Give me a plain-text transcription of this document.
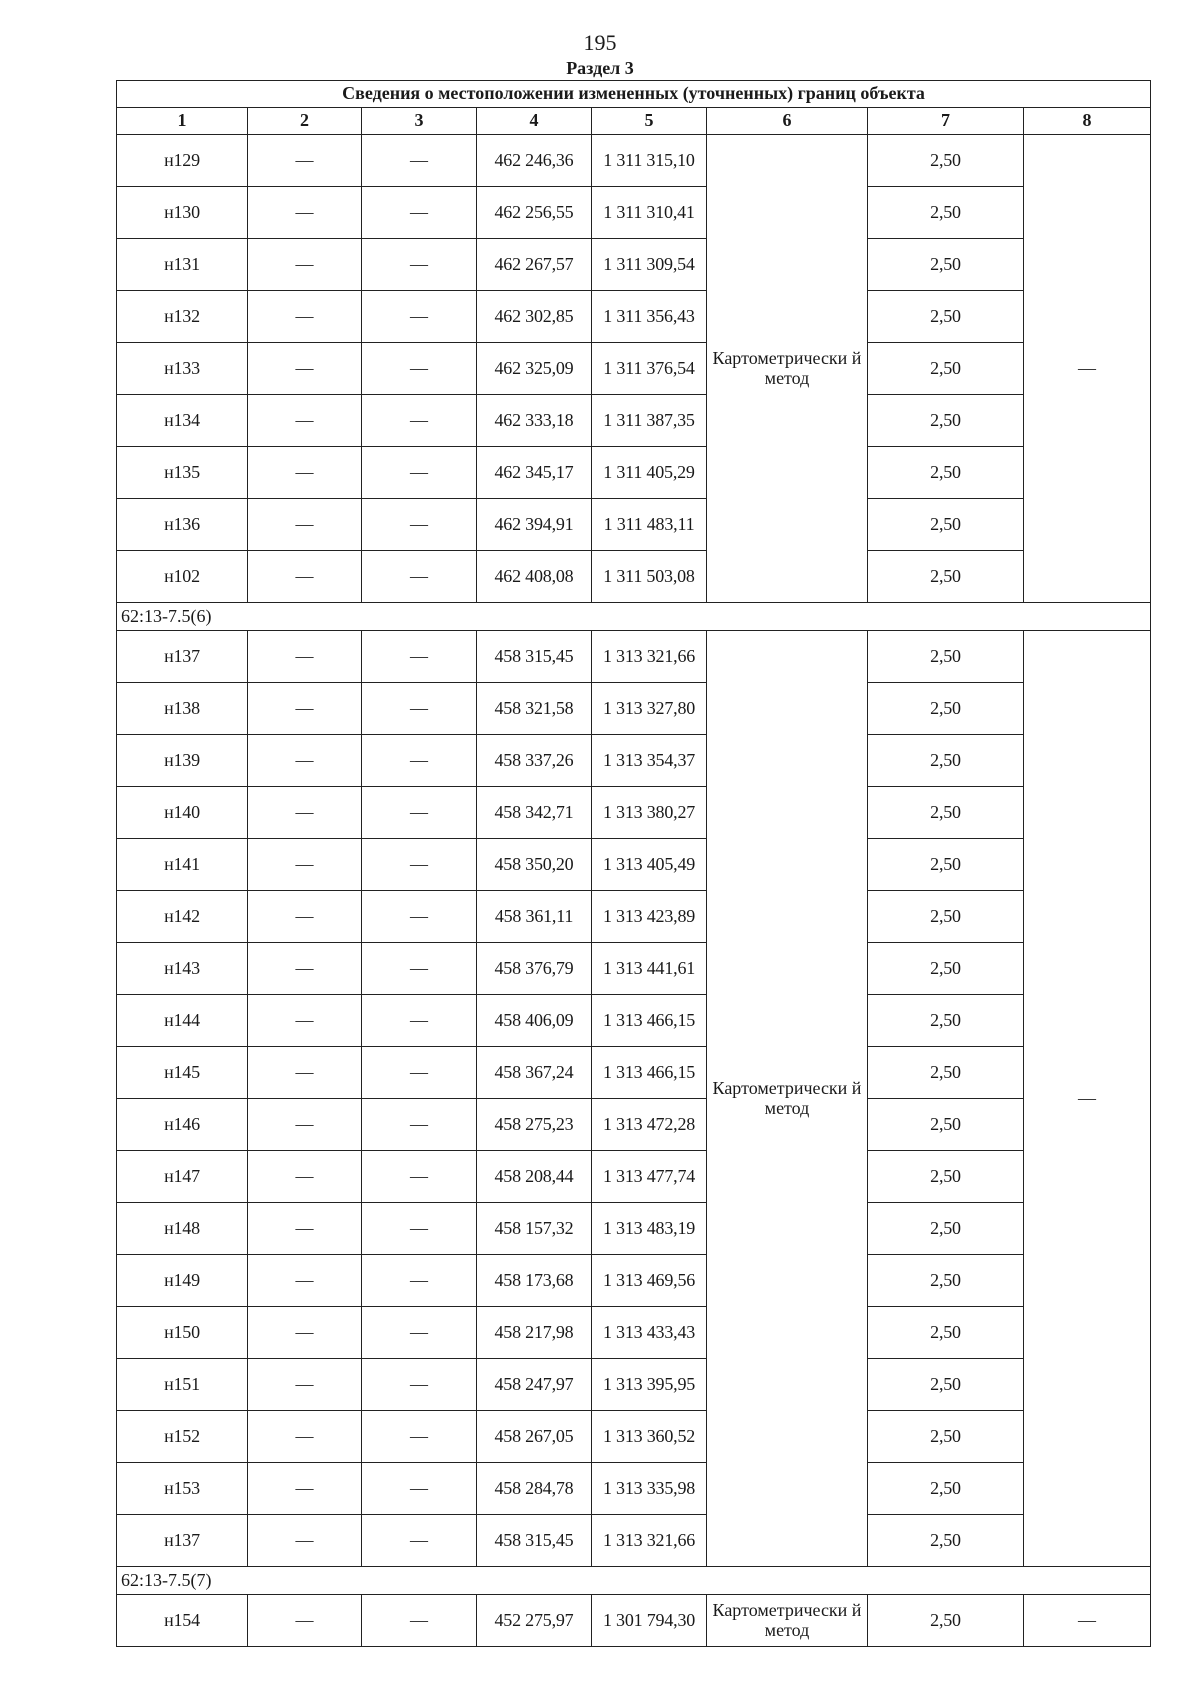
195
Раздел 3
Сведения о местоположении измененных (уточненных) границ объекта							
1	2	3	4	5	6	7	8
н129	—	—	462 246,36	1 311 315,10	Картометрически й метод	2,50	—
н130	—	—	462 256,55	1 311 310,41		2,50	
н131	—	—	462 267,57	1 311 309,54		2,50	
н132	—	—	462 302,85	1 311 356,43		2,50	
н133	—	—	462 325,09	1 311 376,54		2,50	
н134	—	—	462 333,18	1 311 387,35		2,50	
н135	—	—	462 345,17	1 311 405,29		2,50	
н136	—	—	462 394,91	1 311 483,11		2,50	
н102	—	—	462 408,08	1 311 503,08		2,50	
62:13-7.5(6)							
н137	—	—	458 315,45	1 313 321,66	Картометрически й метод	2,50	—
н138	—	—	458 321,58	1 313 327,80		2,50	
н139	—	—	458 337,26	1 313 354,37		2,50	
н140	—	—	458 342,71	1 313 380,27		2,50	
н141	—	—	458 350,20	1 313 405,49		2,50	
н142	—	—	458 361,11	1 313 423,89		2,50	
н143	—	—	458 376,79	1 313 441,61		2,50	
н144	—	—	458 406,09	1 313 466,15		2,50	
н145	—	—	458 367,24	1 313 466,15		2,50	
н146	—	—	458 275,23	1 313 472,28		2,50	
н147	—	—	458 208,44	1 313 477,74		2,50	
н148	—	—	458 157,32	1 313 483,19		2,50	
н149	—	—	458 173,68	1 313 469,56		2,50	
н150	—	—	458 217,98	1 313 433,43		2,50	
н151	—	—	458 247,97	1 313 395,95		2,50	
н152	—	—	458 267,05	1 313 360,52		2,50	
н153	—	—	458 284,78	1 313 335,98		2,50	
н137	—	—	458 315,45	1 313 321,66		2,50	
62:13-7.5(7)							
н154	—	—	452 275,97	1 301 794,30	Картометрически й метод	2,50	—
